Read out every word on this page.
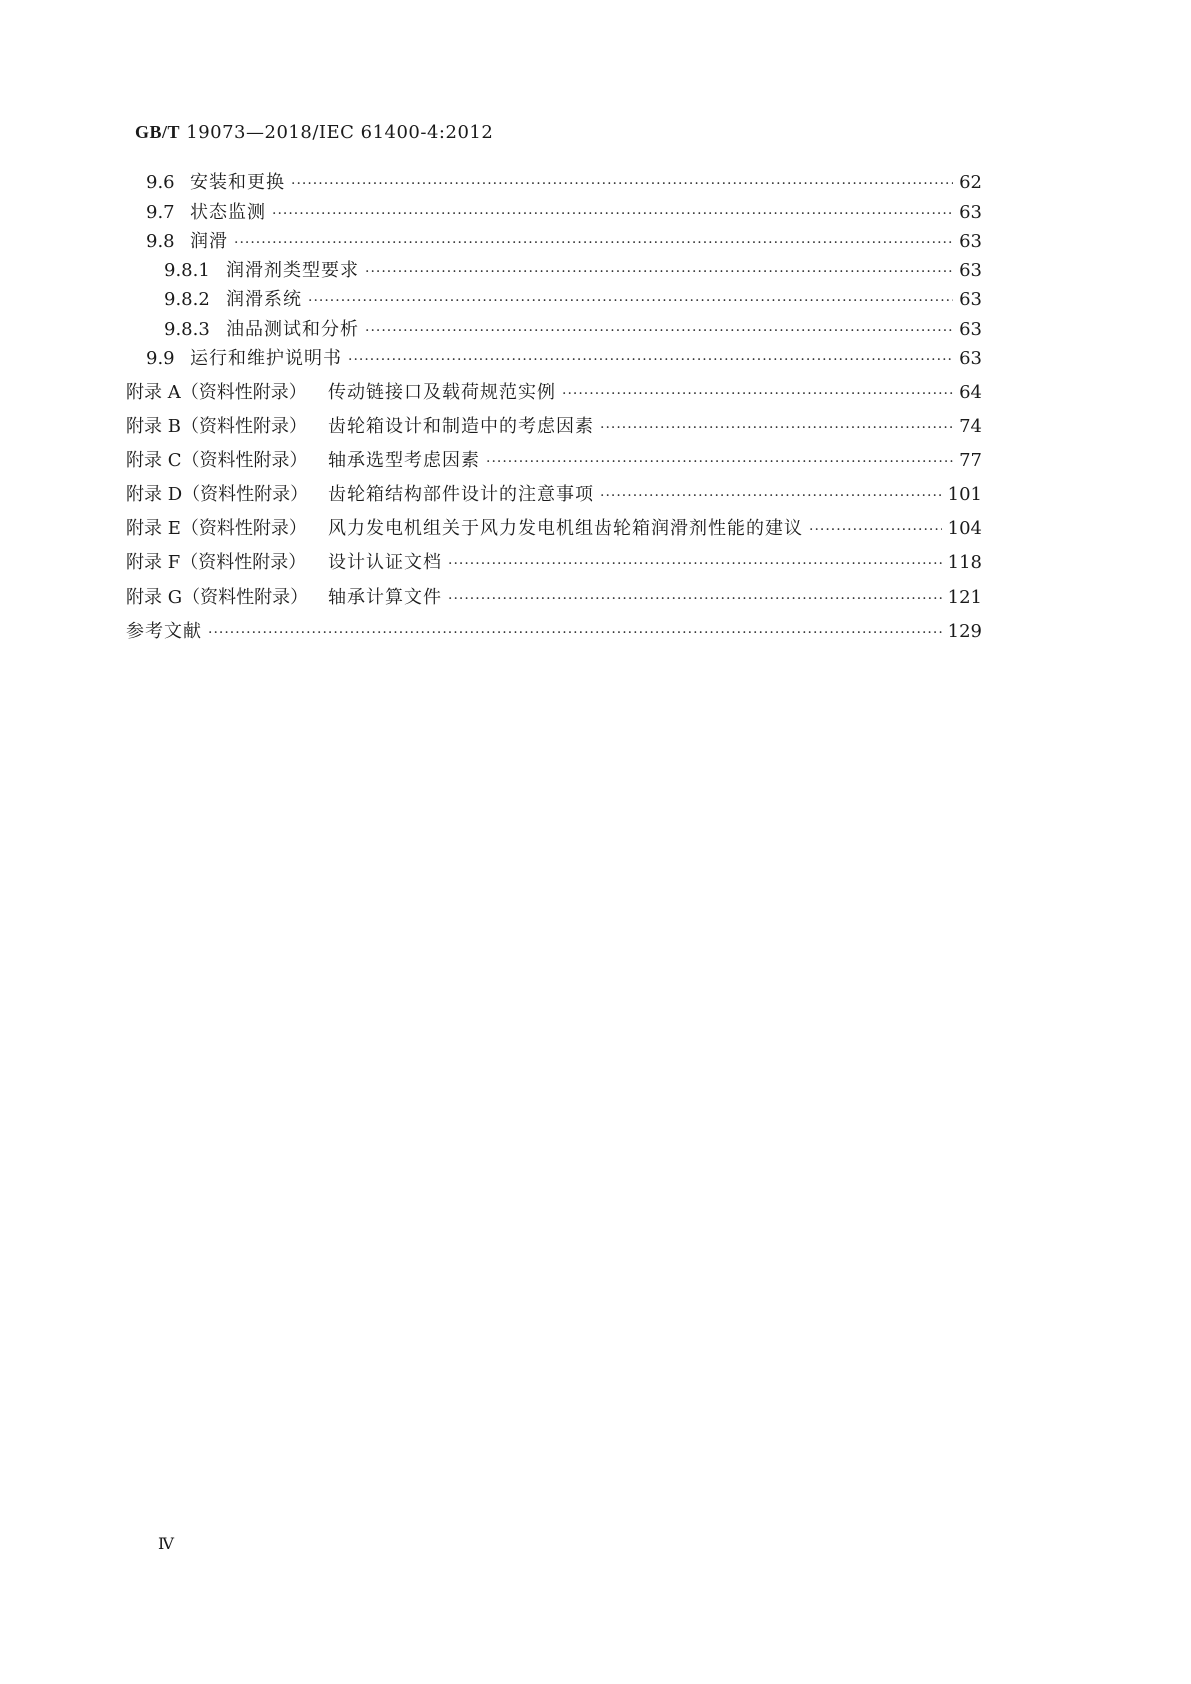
GB/T 19073—2018/IEC 61400-4:2012
9.6 安装和更换 ·····	62
9.7 状态监测 ·····	63
9.8 润滑 ·····	63
9.8.1 润滑剂类型要求 ·····	63
9.8.2 润滑系统 ·····	63
9.8.3 油品测试和分析 ·····	63
9.9 运行和维护说明书 ·····	63
附录 A（资料性附录）	传动链接口及载荷规范实例 ·····	64
附录 B（资料性附录）	齿轮箱设计和制造中的考虑因素 ·····	74
附录 C（资料性附录）	轴承选型考虑因素 ·····	77
附录 D（资料性附录）	齿轮箱结构部件设计的注意事项 ·····	101
附录 E（资料性附录）	风力发电机组关于风力发电机组齿轮箱润滑剂性能的建议 ·····	104
附录 F（资料性附录）	设计认证文档 ·····	118
附录 G（资料性附录）	轴承计算文件 ·····	121
参考文献 ·····	129
Ⅳ
